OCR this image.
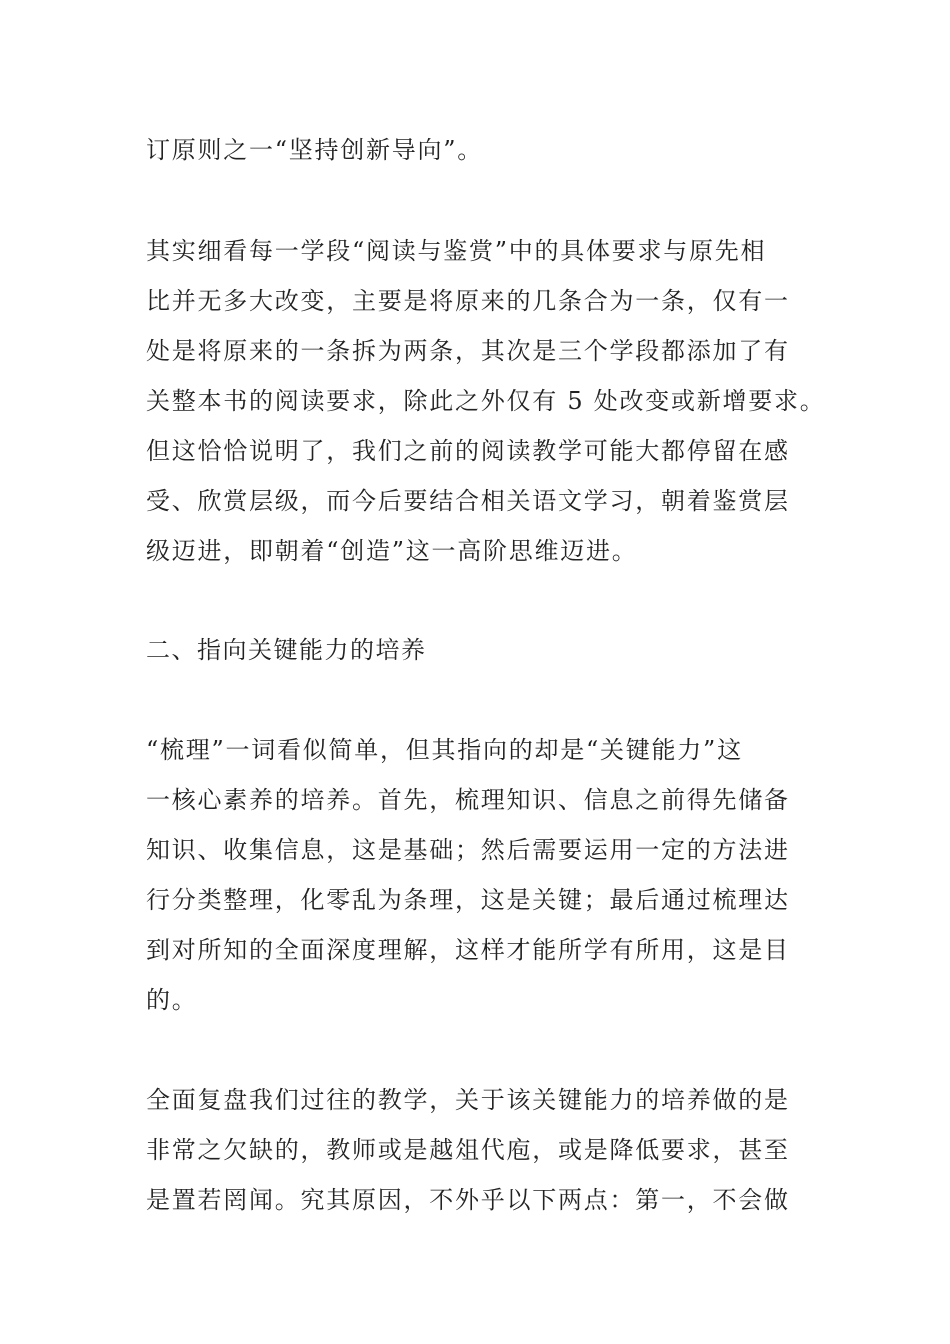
订原则之一“坚持创新导向”。
其实细看每一学段“阅读与鉴赏”中的具体要求与原先相
比并无多大改变，主要是将原来的几条合为一条，仅有一
处是将原来的一条拆为两条，其次是三个学段都添加了有
关整本书的阅读要求，除此之外仅有 5 处改变或新增要求。
但这恰恰说明了，我们之前的阅读教学可能大都停留在感
受、欣赏层级，而今后要结合相关语文学习，朝着鉴赏层
级迈进，即朝着“创造”这一高阶思维迈进。
二、指向关键能力的培养
“梳理”一词看似简单，但其指向的却是“关键能力”这
一核心素养的培养。首先，梳理知识、信息之前得先储备
知识、收集信息，这是基础；然后需要运用一定的方法进
行分类整理，化零乱为条理，这是关键；最后通过梳理达
到对所知的全面深度理解，这样才能所学有所用，这是目
的。
全面复盘我们过往的教学，关于该关键能力的培养做的是
非常之欠缺的，教师或是越俎代庖，或是降低要求，甚至
是置若罔闻。究其原因，不外乎以下两点：第一，不会做
